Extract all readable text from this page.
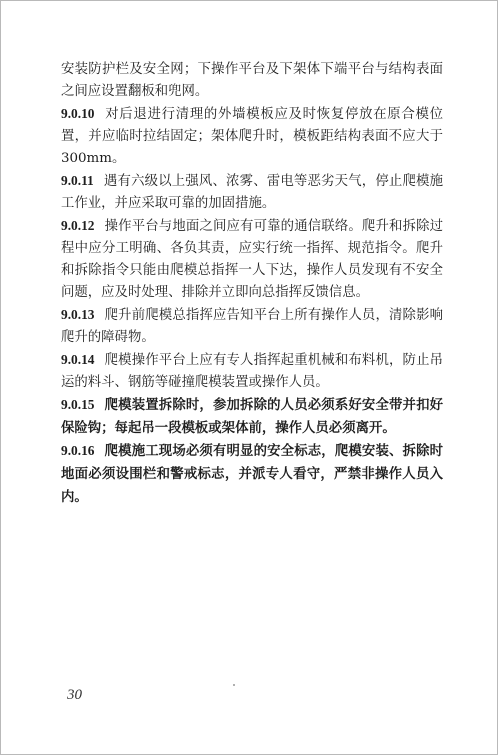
安装防护栏及安全网；下操作平台及下架体下端平台与结构表面之间应设置翻板和兜网。

9.0.10 对后退进行清理的外墙模板应及时恢复停放在原合模位置，并应临时拉结固定；架体爬升时，模板距结构表面不应大于300mm。

9.0.11 遇有六级以上强风、浓雾、雷电等恶劣天气，停止爬模施工作业，并应采取可靠的加固措施。

9.0.12 操作平台与地面之间应有可靠的通信联络。爬升和拆除过程中应分工明确、各负其责，应实行统一指挥、规范指令。爬升和拆除指令只能由爬模总指挥一人下达，操作人员发现有不安全问题，应及时处理、排除并立即向总指挥反馈信息。

9.0.13 爬升前爬模总指挥应告知平台上所有操作人员，清除影响爬升的障碍物。

9.0.14 爬模操作平台上应有专人指挥起重机械和布料机，防止吊运的料斗、钢筋等碰撞爬模装置或操作人员。

9.0.15 爬模装置拆除时，参加拆除的人员必须系好安全带并扣好保险钩；每起吊一段模板或架体前，操作人员必须离开。

9.0.16 爬模施工现场必须有明显的安全标志，爬模安装、拆除时地面必须设围栏和警戒标志，并派专人看守，严禁非操作人员入内。

30
